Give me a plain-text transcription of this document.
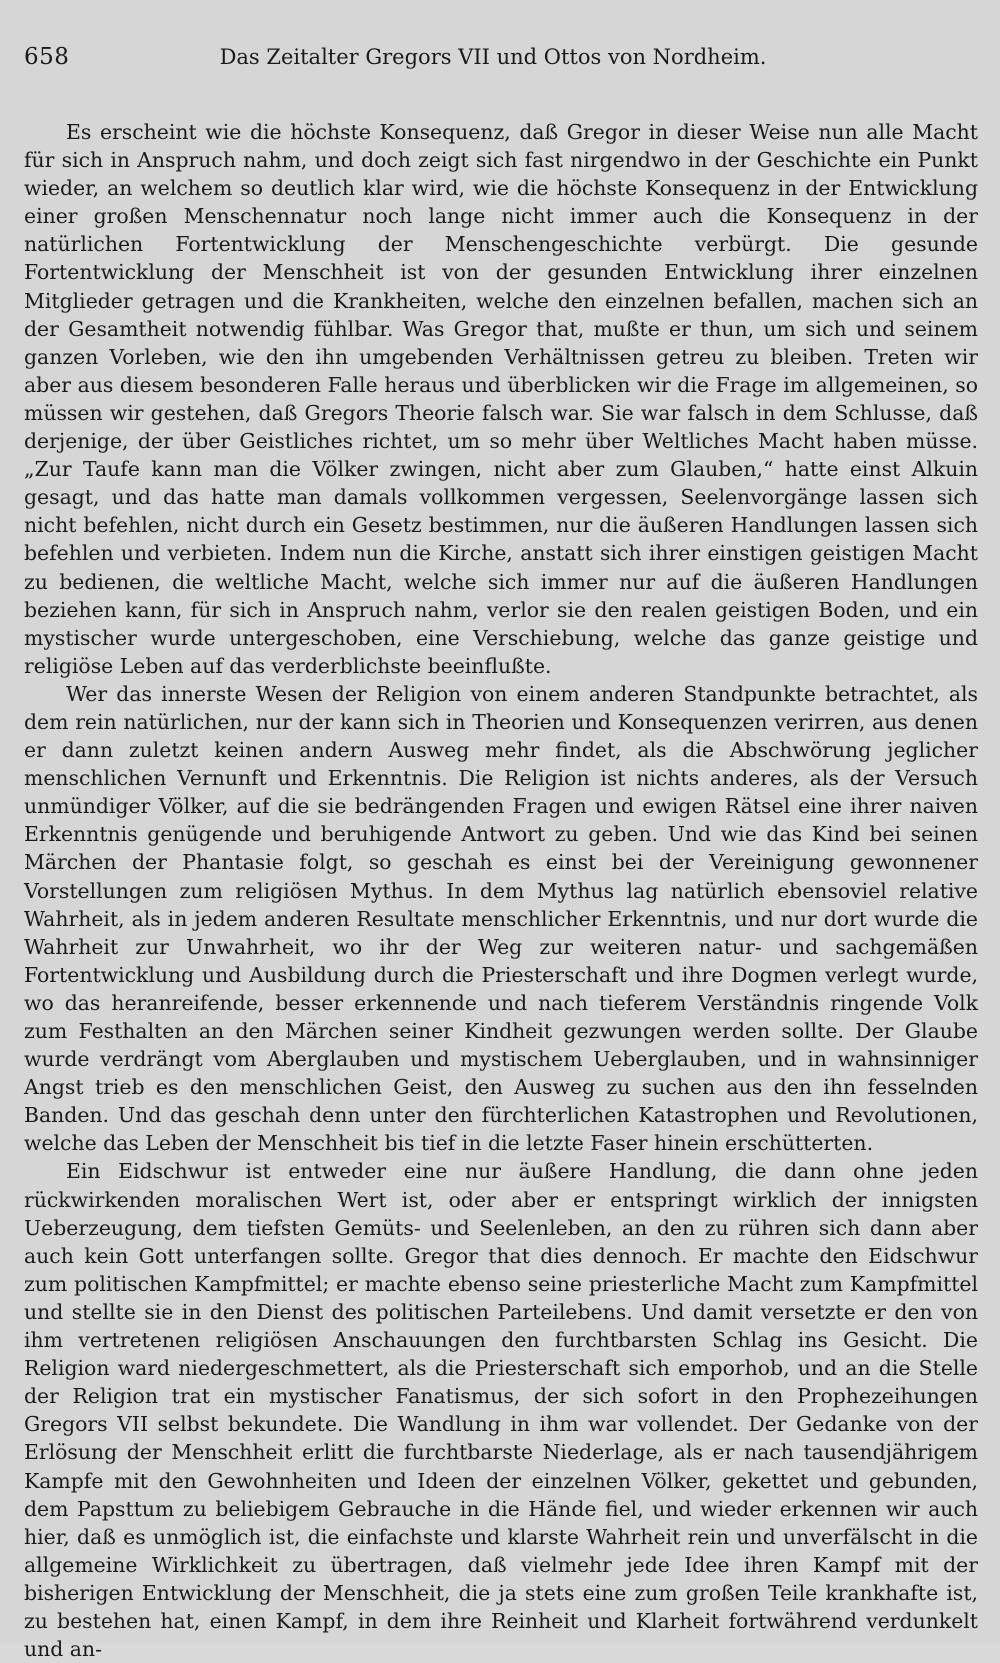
658	Das Zeitalter Gregors VII und Ottos von Nordheim.

Es erscheint wie die höchste Konsequenz, daß Gregor in dieser Weise nun alle Macht für sich in Anspruch nahm, und doch zeigt sich fast nirgendwo in der Geschichte ein Punkt wieder, an welchem so deutlich klar wird, wie die höchste Konsequenz in der Entwicklung einer großen Menschennatur noch lange nicht immer auch die Konsequenz in der natürlichen Fortentwicklung der Menschengeschichte verbürgt. Die gesunde Fortentwicklung der Menschheit ist von der gesunden Entwicklung ihrer einzelnen Mitglieder getragen und die Krankheiten, welche den einzelnen befallen, machen sich an der Gesamtheit notwendig fühlbar. Was Gregor that, mußte er thun, um sich und seinem ganzen Vorleben, wie den ihn umgebenden Verhältnissen getreu zu bleiben. Treten wir aber aus diesem besonderen Falle heraus und überblicken wir die Frage im allgemeinen, so müssen wir gestehen, daß Gregors Theorie falsch war. Sie war falsch in dem Schlusse, daß derjenige, der über Geistliches richtet, um so mehr über Weltliches Macht haben müsse. „Zur Taufe kann man die Völker zwingen, nicht aber zum Glauben,“ hatte einst Alkuin gesagt, und das hatte man damals vollkommen vergessen, Seelenvorgänge lassen sich nicht befehlen, nicht durch ein Gesetz bestimmen, nur die äußeren Handlungen lassen sich befehlen und verbieten. Indem nun die Kirche, anstatt sich ihrer einstigen geistigen Macht zu bedienen, die weltliche Macht, welche sich immer nur auf die äußeren Handlungen beziehen kann, für sich in Anspruch nahm, verlor sie den realen geistigen Boden, und ein mystischer wurde untergeschoben, eine Verschiebung, welche das ganze geistige und religiöse Leben auf das verderblichste beeinflußte.

Wer das innerste Wesen der Religion von einem anderen Standpunkte betrachtet, als dem rein natürlichen, nur der kann sich in Theorien und Konsequenzen verirren, aus denen er dann zuletzt keinen andern Ausweg mehr findet, als die Abschwörung jeglicher menschlichen Vernunft und Erkenntnis. Die Religion ist nichts anderes, als der Versuch unmündiger Völker, auf die sie bedrängenden Fragen und ewigen Rätsel eine ihrer naiven Erkenntnis genügende und beruhigende Antwort zu geben. Und wie das Kind bei seinen Märchen der Phantasie folgt, so geschah es einst bei der Vereinigung gewonnener Vorstellungen zum religiösen Mythus. In dem Mythus lag natürlich ebensoviel relative Wahrheit, als in jedem anderen Resultate menschlicher Erkenntnis, und nur dort wurde die Wahrheit zur Unwahrheit, wo ihr der Weg zur weiteren natur- und sachgemäßen Fortentwicklung und Ausbildung durch die Priesterschaft und ihre Dogmen verlegt wurde, wo das heranreifende, besser erkennende und nach tieferem Verständnis ringende Volk zum Festhalten an den Märchen seiner Kindheit gezwungen werden sollte. Der Glaube wurde verdrängt vom Aberglauben und mystischem Ueberglauben, und in wahnsinniger Angst trieb es den menschlichen Geist, den Ausweg zu suchen aus den ihn fesselnden Banden. Und das geschah denn unter den fürchterlichen Katastrophen und Revolutionen, welche das Leben der Menschheit bis tief in die letzte Faser hinein erschütterten.

Ein Eidschwur ist entweder eine nur äußere Handlung, die dann ohne jeden rückwirkenden moralischen Wert ist, oder aber er entspringt wirklich der innigsten Ueberzeugung, dem tiefsten Gemüts- und Seelenleben, an den zu rühren sich dann aber auch kein Gott unterfangen sollte. Gregor that dies dennoch. Er machte den Eidschwur zum politischen Kampfmittel; er machte ebenso seine priesterliche Macht zum Kampfmittel und stellte sie in den Dienst des politischen Parteilebens. Und damit versetzte er den von ihm vertretenen religiösen Anschauungen den furchtbarsten Schlag ins Gesicht. Die Religion ward niedergeschmettert, als die Priesterschaft sich emporhob, und an die Stelle der Religion trat ein mystischer Fanatismus, der sich sofort in den Prophezeihungen Gregors VII selbst bekundete. Die Wandlung in ihm war vollendet. Der Gedanke von der Erlösung der Menschheit erlitt die furchtbarste Niederlage, als er nach tausendjährigem Kampfe mit den Gewohnheiten und Ideen der einzelnen Völker, gekettet und gebunden, dem Papsttum zu beliebigem Gebrauche in die Hände fiel, und wieder erkennen wir auch hier, daß es unmöglich ist, die einfachste und klarste Wahrheit rein und unverfälscht in die allgemeine Wirklichkeit zu übertragen, daß vielmehr jede Idee ihren Kampf mit der bisherigen Entwicklung der Menschheit, die ja stets eine zum großen Teile krankhafte ist, zu bestehen hat, einen Kampf, in dem ihre Reinheit und Klarheit fortwährend verdunkelt und an-
